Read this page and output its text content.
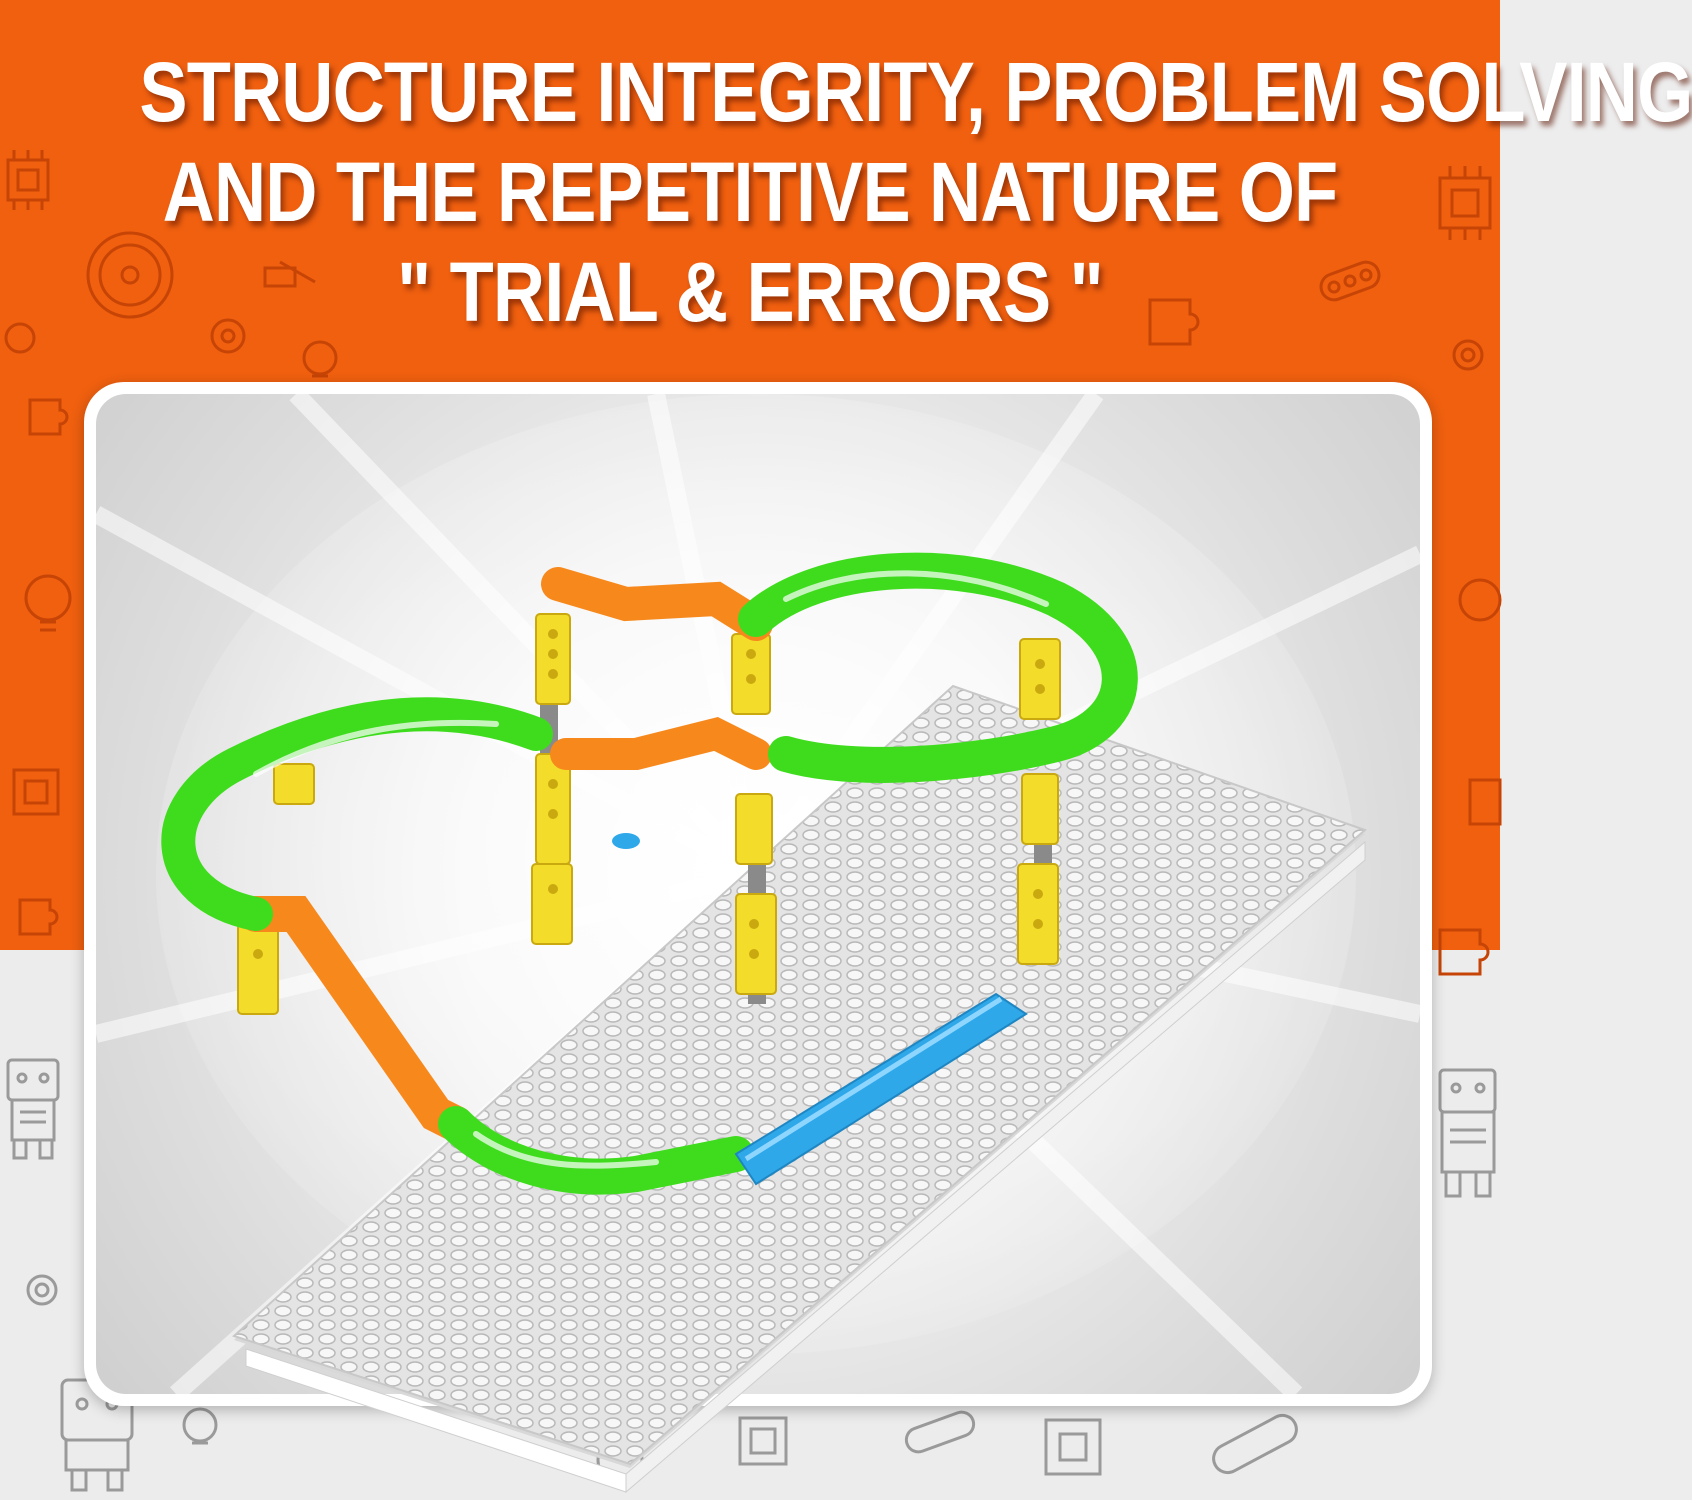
STRUCTURE INTEGRITY, PROBLEM SOLVING
AND THE REPETITIVE NATURE OF
" TRIAL & ERRORS "
